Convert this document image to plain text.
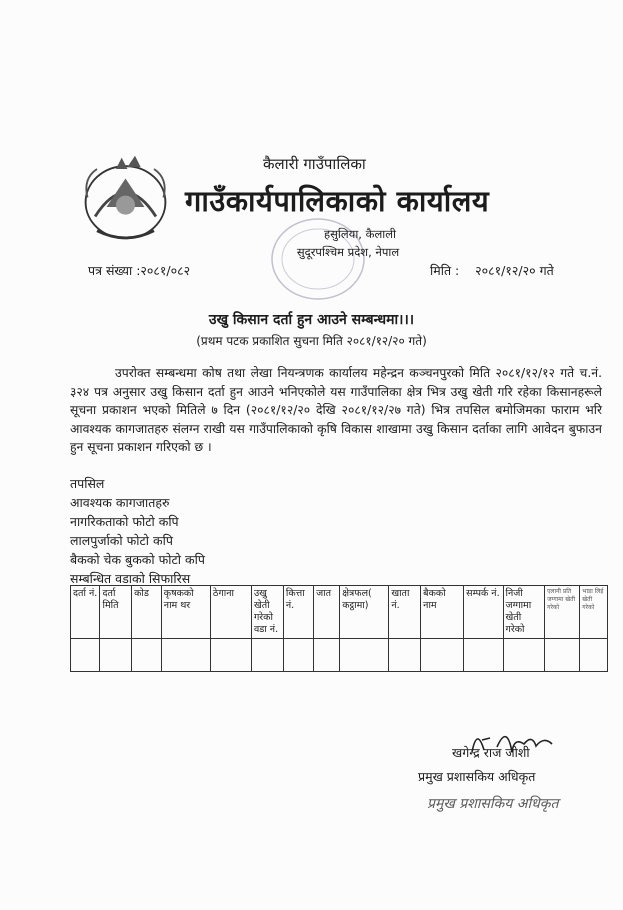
कैलारी गाउँपालिका
गाउँकार्यपालिकाको कार्यालय
हसुलिया, कैलाली
सुदूरपश्चिम प्रदेश, नेपाल
पत्र संख्या :२०८१/०८२	मिति : २०८१/१२/२० गते
उखु किसान दर्ता हुन आउने सम्बन्धमा।।।
(प्रथम पटक प्रकाशित सुचना मिति २०८१/१२/२० गते)
उपरोक्त सम्बन्धमा कोष तथा लेखा नियन्त्रणक कार्यालय महेन्द्रन कञ्चनपुरको मिति २०८१/१२/१२ गते च.नं. ३२४ पत्र अनुसार उखु किसान दर्ता हुन आउने भनिएकोले यस गाउँपालिका क्षेत्र भित्र उखु खेती गरि रहेका किसानहरूले सूचना प्रकाशन भएको मितिले ७ दिन (२०८१/१२/२० देखि २०८१/१२/२७ गते) भित्र तपसिल बमोजिमका फाराम भरि आवश्यक कागजातहरु संलग्न राखी यस गाउँपालिकाको कृषि विकास शाखामा उखु किसान दर्ताका लागि आवेदन बुफाउन हुन सूचना प्रकाशन गरिएको छ ।
तपसिल
आवश्यक कागजातहरु
नागरिकताको फोटो कपि
लालपुर्जाको फोटो कपि
बैकको चेक बुकको फोटो कपि
सम्बन्धित वडाको सिफारिस
दर्ता नं.	दर्ता मिति	कोड	कृषकको नाम थर	ठेगाना	उखु खेती गरेको वडा नं.	कित्ता नं.	जात	क्षेत्रफल( कट्ठामा)	खाता नं.	बैकको नाम	सम्पर्क नं.	निजी जग्गामा खेती गरेको	एलानी प्रति जग्गामा खेती गरेको	भाडा लिई खेती गरेको

खगेन्द्र राज जोशी
प्रमुख प्रशासकिय अधिकृत
प्रमुख प्रशासकिय अधिकृत
